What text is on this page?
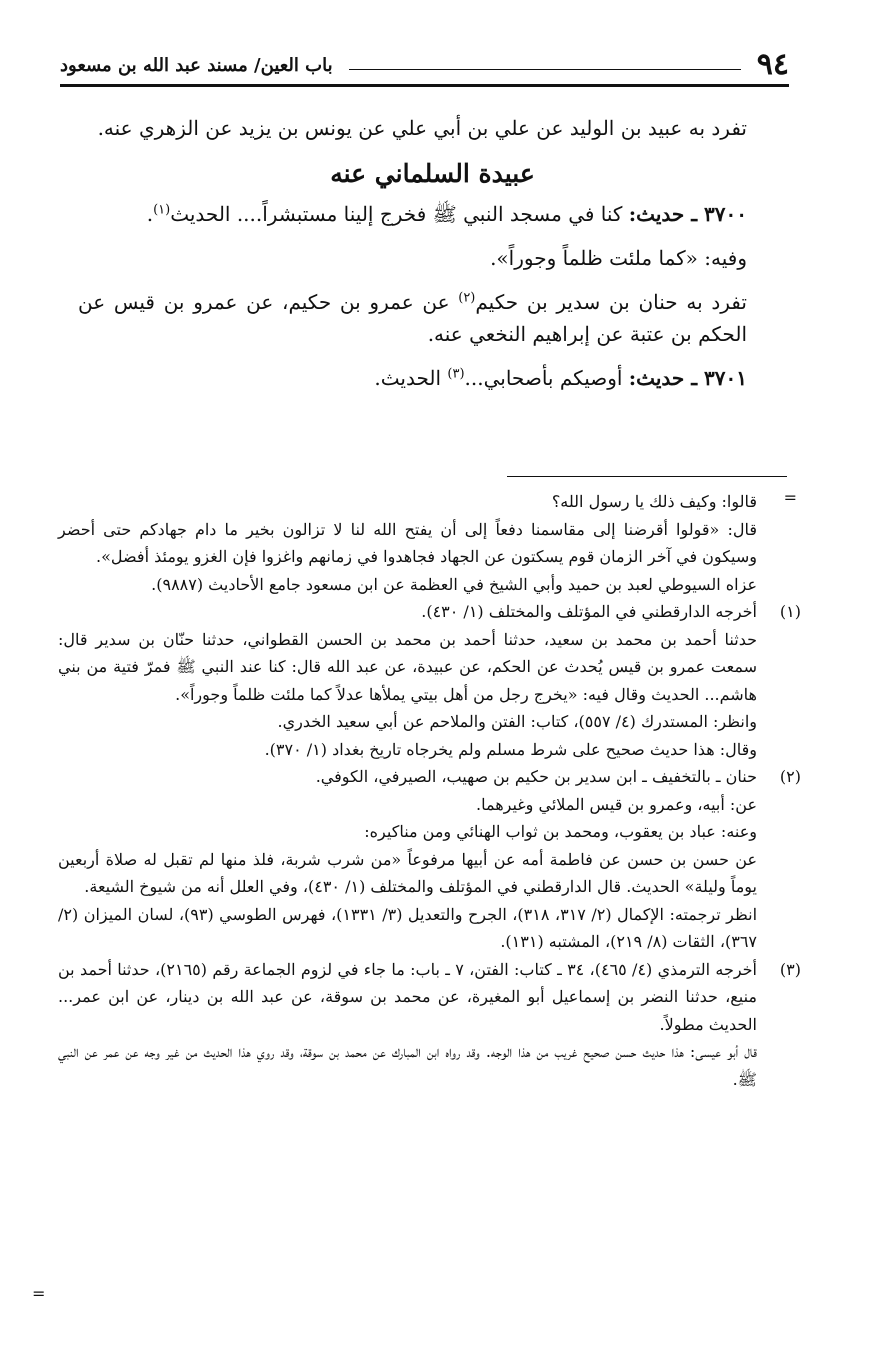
٩٤
باب العين/ مسند عبد الله بن مسعود

تفرد به عبيد بن الوليد عن علي بن أبي علي عن يونس بن يزيد عن الزهري عنه.

عبيدة السلماني عنه

٣٧٠٠ ـ حديث: كنا في مسجد النبي ﷺ فخرج إلينا مستبشراً.... الحديث$^{(١)}$.

وفيه: «كما ملئت ظلماً وجوراً».

تفرد به حنان بن سدير بن حكيم$^{(٢)}$ عن عمرو بن حكيم، عن عمرو بن قيس عن الحكم بن عتبة عن إبراهيم النخعي عنه.

٣٧٠١ ـ حديث: أوصيكم بأصحابي...$^{(٣)}$ الحديث.

=

قالوا: وكيف ذلك يا رسول الله؟

قال: «قولوا أقرضنا إلى مقاسمنا دفعاً إلى أن يفتح الله لنا لا تزالون بخير ما دام جهادكم حتى أحضر وسيكون في آخر الزمان قوم يسكتون عن الجهاد فجاهدوا في زمانهم واغزوا فإن الغزو يومئذ أفضل».

عزاه السيوطي لعبد بن حميد وأبي الشيخ في العظمة عن ابن مسعود جامع الأحاديث (٩٨٨٧).

(١)
أخرجه الدارقطني في المؤتلف والمختلف (١/ ٤٣٠).

حدثنا أحمد بن محمد بن سعيد، حدثنا أحمد بن محمد بن الحسن القطواني، حدثنا حنّان بن سدير قال: سمعت عمرو بن قيس يُحدث عن الحكم، عن عبيدة، عن عبد الله قال: كنا عند النبي ﷺ فمرّ فتية من بني هاشم... الحديث وقال فيه: «يخرج رجل من أهل بيتي يملأها عدلاً كما ملئت ظلماً وجوراً».

وانظر: المستدرك (٤/ ٥٥٧)، كتاب: الفتن والملاحم عن أبي سعيد الخدري.

وقال: هذا حديث صحيح على شرط مسلم ولم يخرجاه تاريخ بغداد (١/ ٣٧٠).

(٢)
حنان ـ بالتخفيف ـ ابن سدير بن حكيم بن صهيب، الصيرفي، الكوفي.

عن: أبيه، وعمرو بن قيس الملائي وغيرهما.

وعنه: عباد بن يعقوب، ومحمد بن ثواب الهنائي ومن مناكيره:

عن حسن بن حسن عن فاطمة أمه عن أبيها مرفوعاً «من شرب شربة، فلذ منها لم تقبل له صلاة أربعين يوماً وليلة» الحديث. قال الدارقطني في المؤتلف والمختلف (١/ ٤٣٠)، وفي العلل أنه من شيوخ الشيعة.

انظر ترجمته: الإكمال (٢/ ٣١٧، ٣١٨)، الجرح والتعديل (٣/ ١٣٣١)، فهرس الطوسي (٩٣)، لسان الميزان (٢/ ٣٦٧)، الثقات (٨/ ٢١٩)، المشتبه (١٣١).

(٣)
أخرجه الترمذي (٤/ ٤٦٥)، ٣٤ ـ كتاب: الفتن، ٧ ـ باب: ما جاء في لزوم الجماعة رقم (٢١٦٥)، حدثنا أحمد بن منيع، حدثنا النضر بن إسماعيل أبو المغيرة، عن محمد بن سوقة، عن عبد الله بن دينار، عن ابن عمر... الحديث مطولاً.

قال أبو عيسى: هذا حديث حسن صحيح غريب من هذا الوجه. وقد رواه ابن المبارك عن محمد بن سوقة، وقد روي هذا الحديث من غير وجه عن عمر عن النبي ﷺ.

=
